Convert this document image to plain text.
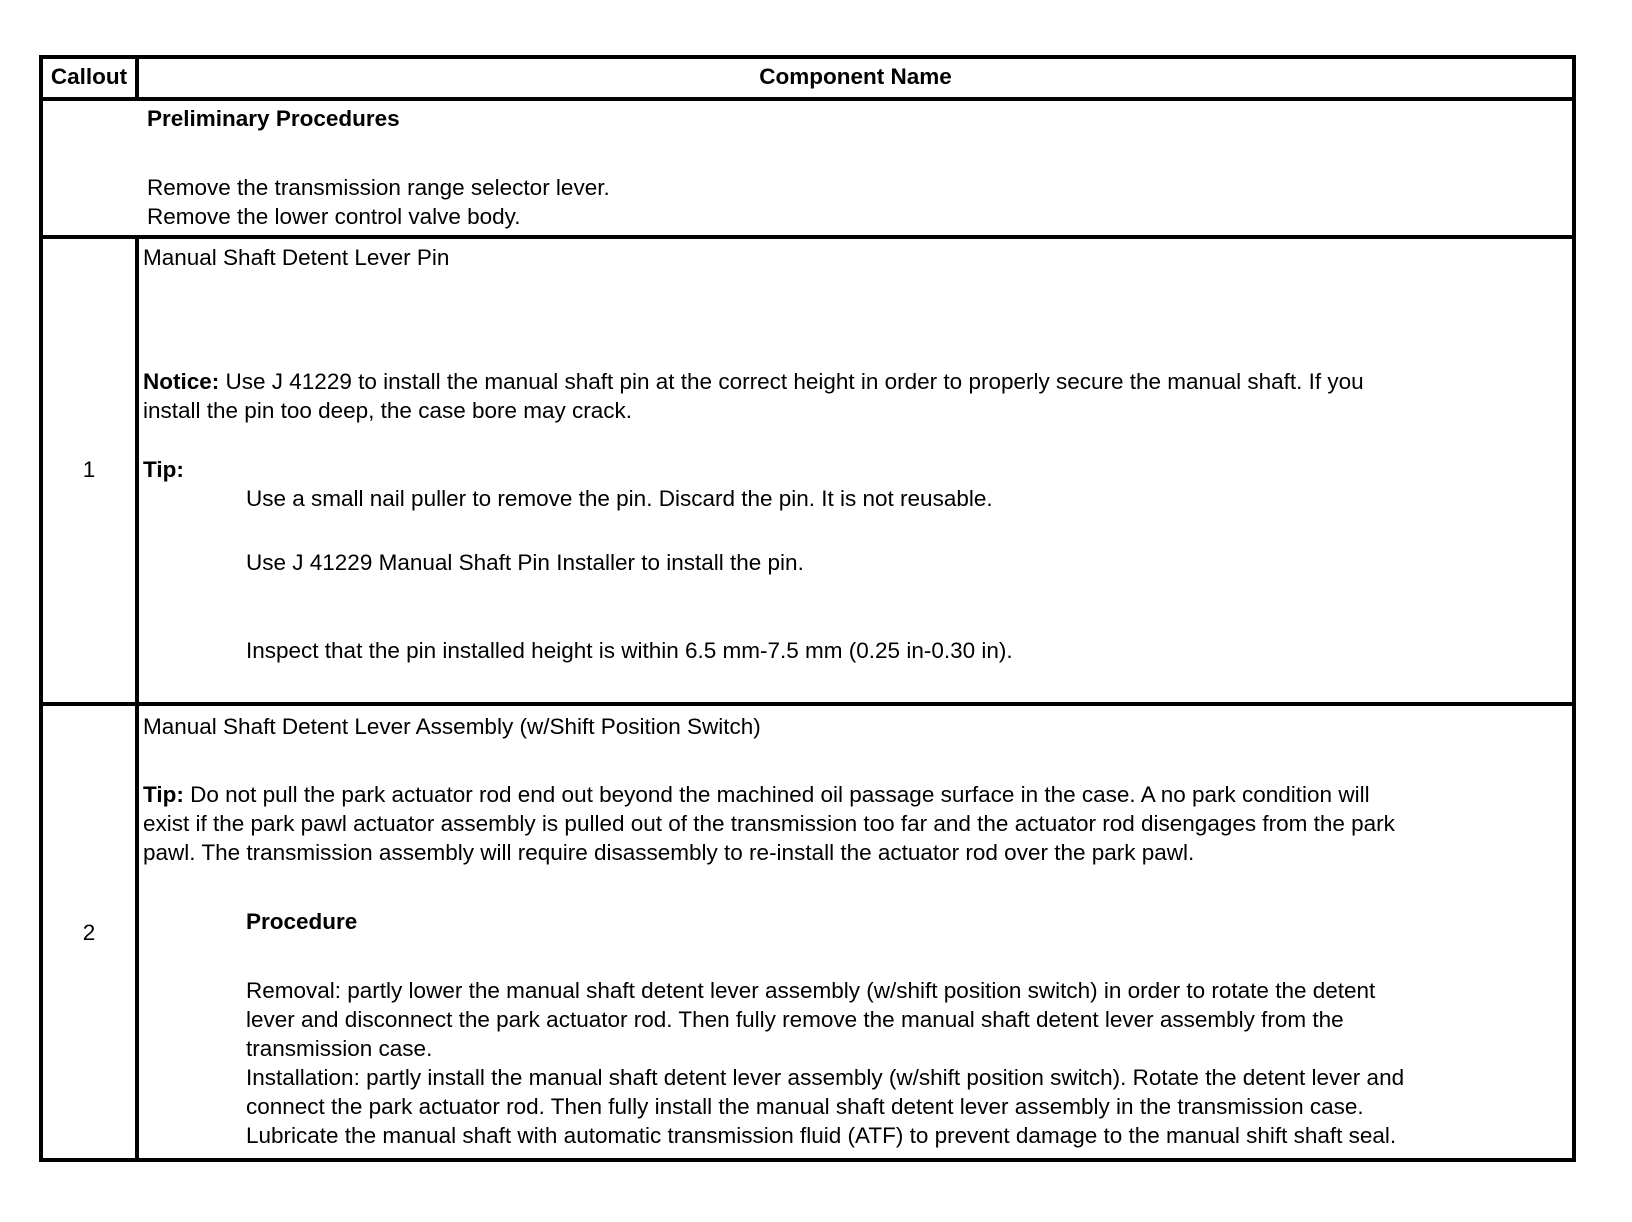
Callout	Component Name
Preliminary Procedures
Remove the transmission range selector lever.
Remove the lower control valve body.
1
Manual Shaft Detent Lever Pin
Notice: Use J 41229 to install the manual shaft pin at the correct height in order to properly secure the manual shaft. If you
install the pin too deep, the case bore may crack.
Tip:
Use a small nail puller to remove the pin. Discard the pin. It is not reusable.
Use J 41229 Manual Shaft Pin Installer to install the pin.
Inspect that the pin installed height is within 6.5 mm-7.5 mm (0.25 in-0.30 in).
2
Manual Shaft Detent Lever Assembly (w/Shift Position Switch)
Tip: Do not pull the park actuator rod end out beyond the machined oil passage surface in the case. A no park condition will
exist if the park pawl actuator assembly is pulled out of the transmission too far and the actuator rod disengages from the park
pawl. The transmission assembly will require disassembly to re-install the actuator rod over the park pawl.
Procedure
Removal: partly lower the manual shaft detent lever assembly (w/shift position switch) in order to rotate the detent
lever and disconnect the park actuator rod. Then fully remove the manual shaft detent lever assembly from the
transmission case.
Installation: partly install the manual shaft detent lever assembly (w/shift position switch). Rotate the detent lever and
connect the park actuator rod. Then fully install the manual shaft detent lever assembly in the transmission case.
Lubricate the manual shaft with automatic transmission fluid (ATF) to prevent damage to the manual shift shaft seal.
